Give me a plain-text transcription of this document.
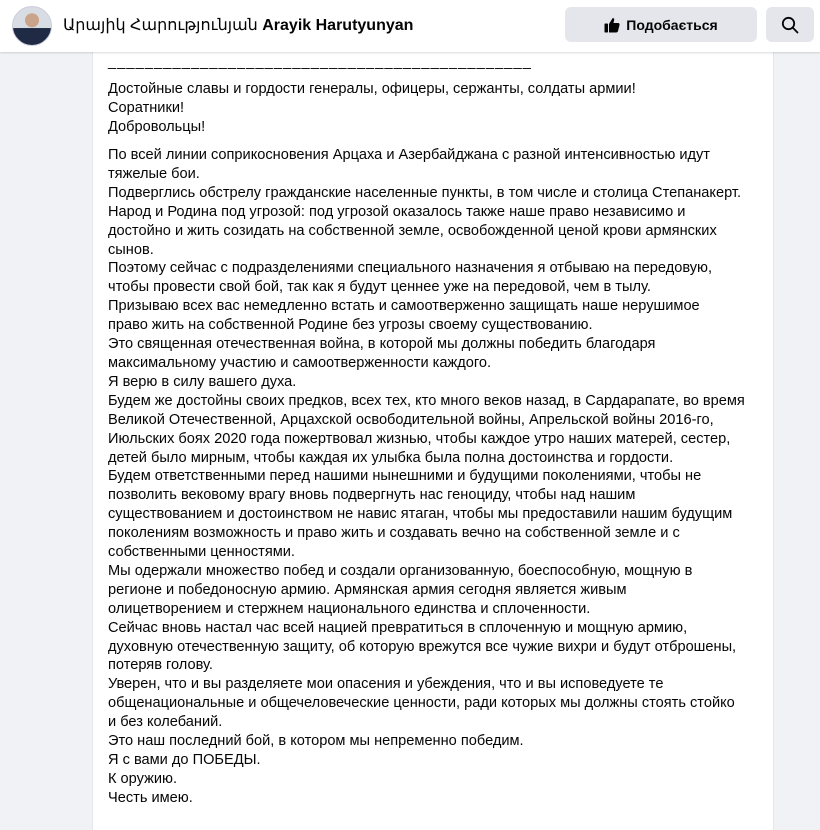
Արայիկ Հարությունյան Arayik Harutyunyan	Подобається
______________________________________________
Достойные славы и гордости генералы, офицеры, сержанты, солдаты армии!
Соратники!
Добровольцы!
По всей линии соприкосновения Арцаха и Азербайджана с разной интенсивностью идут
тяжелые бои.
Подверглись обстрелу гражданские населенные пункты, в том числе и столица Степанакерт.
Народ и Родина под угрозой: под угрозой оказалось также наше право независимо и
достойно и жить созидать на собственной земле, освобожденной ценой крови армянских
сынов.
Поэтому сейчас с подразделениями специального назначения я отбываю на передовую,
чтобы провести свой бой, так как я будут ценнее уже на передовой, чем в тылу.
Призываю всех вас немедленно встать и самоотверженно защищать наше нерушимое
право жить на собственной Родине без угрозы своему существованию.
Это священная отечественная война, в которой мы должны победить благодаря
максимальному участию и самоотверженности каждого.
Я верю в силу вашего духа.
Будем же достойны своих предков, всех тех, кто много веков назад, в Сардарапате, во время
Великой Отечественной, Арцахской освободительной войны, Апрельской войны 2016-го,
Июльских боях 2020 года пожертвовал жизнью, чтобы каждое утро наших матерей, сестер,
детей было мирным, чтобы каждая их улыбка была полна достоинства и гордости.
Будем ответственными перед нашими нынешними и будущими поколениями, чтобы не
позволить вековому врагу вновь подвергнуть нас геноциду, чтобы над нашим
существованием и достоинством не навис ятаган, чтобы мы предоставили нашим будущим
поколениям возможность и право жить и создавать вечно на собственной земле и с
собственными ценностями.
Мы одержали множество побед и создали организованную, боеспособную, мощную в
регионе и победоносную армию. Армянская армия сегодня является живым
олицетворением и стержнем национального единства и сплоченности.
Сейчас вновь настал час всей нацией превратиться в сплоченную и мощную армию,
духовную отечественную защиту, об которую врежутся все чужие вихри и будут отброшены,
потеряв голову.
Уверен, что и вы разделяете мои опасения и убеждения, что и вы исповедуете те
общенациональные и общечеловеческие ценности, ради которых мы должны стоять стойко
и без колебаний.
Это наш последний бой, в котором мы непременно победим.
Я с вами до ПОБЕДЫ.
К оружию.
Честь имею.
